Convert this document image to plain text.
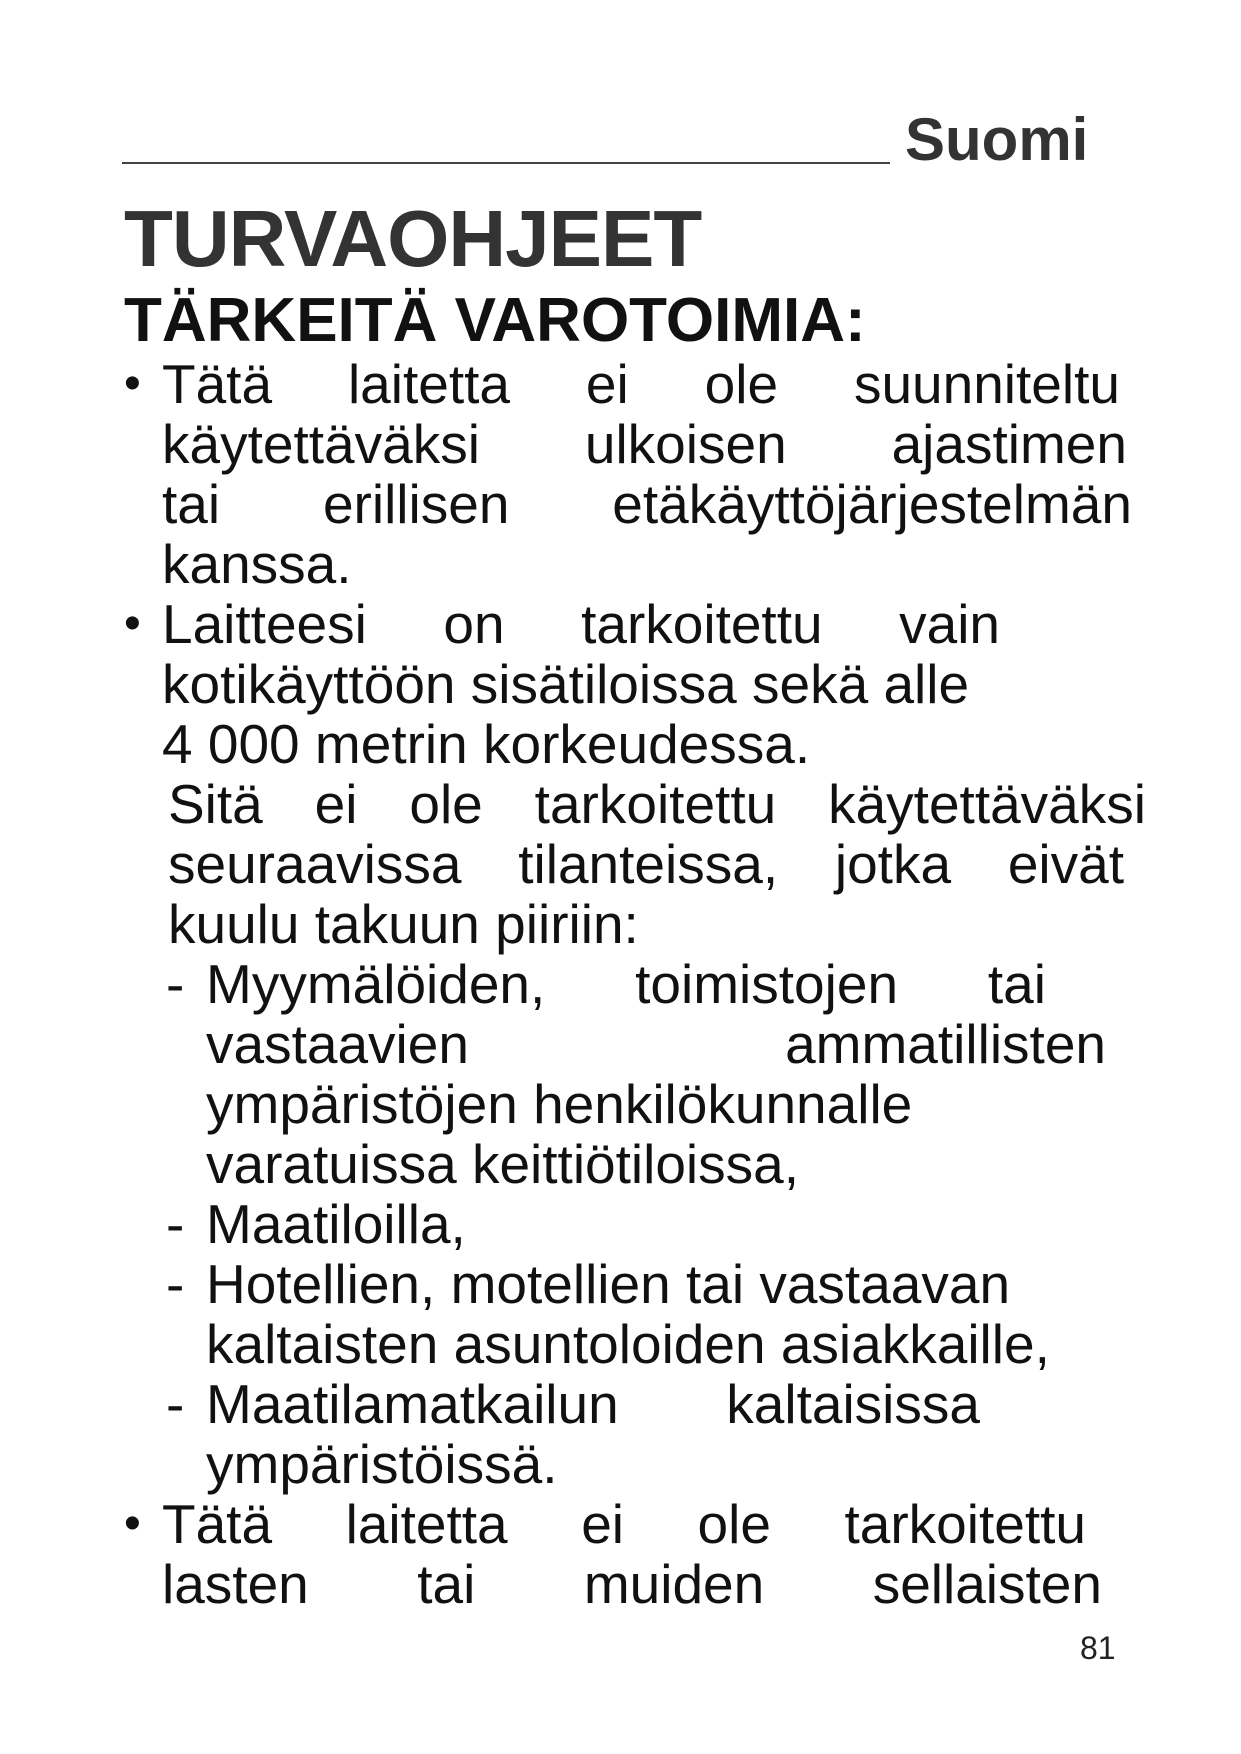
Suomi
TURVAOHJEET
TÄRKEITÄ VAROTOIMIA:
• Tätä laitetta ei ole suunniteltu
käytettäväksi ulkoisen ajastimen
tai erillisen etäkäyttöjärjestelmän
kanssa.
• Laitteesi on tarkoitettu vain
kotikäyttöön sisätiloissa sekä alle
4 000 metrin korkeudessa.
Sitä ei ole tarkoitettu käytettäväksi
seuraavissa tilanteissa, jotka eivät
kuulu takuun piiriin:
- Myymälöiden, toimistojen tai
vastaavien ammatillisten
ympäristöjen henkilökunnalle
varatuissa keittiötiloissa,
- Maatiloilla,
- Hotellien, motellien tai vastaavan
kaltaisten asuntoloiden asiakkaille,
- Maatilamatkailun kaltaisissa
ympäristöissä.
• Tätä laitetta ei ole tarkoitettu
lasten tai muiden sellaisten
81
